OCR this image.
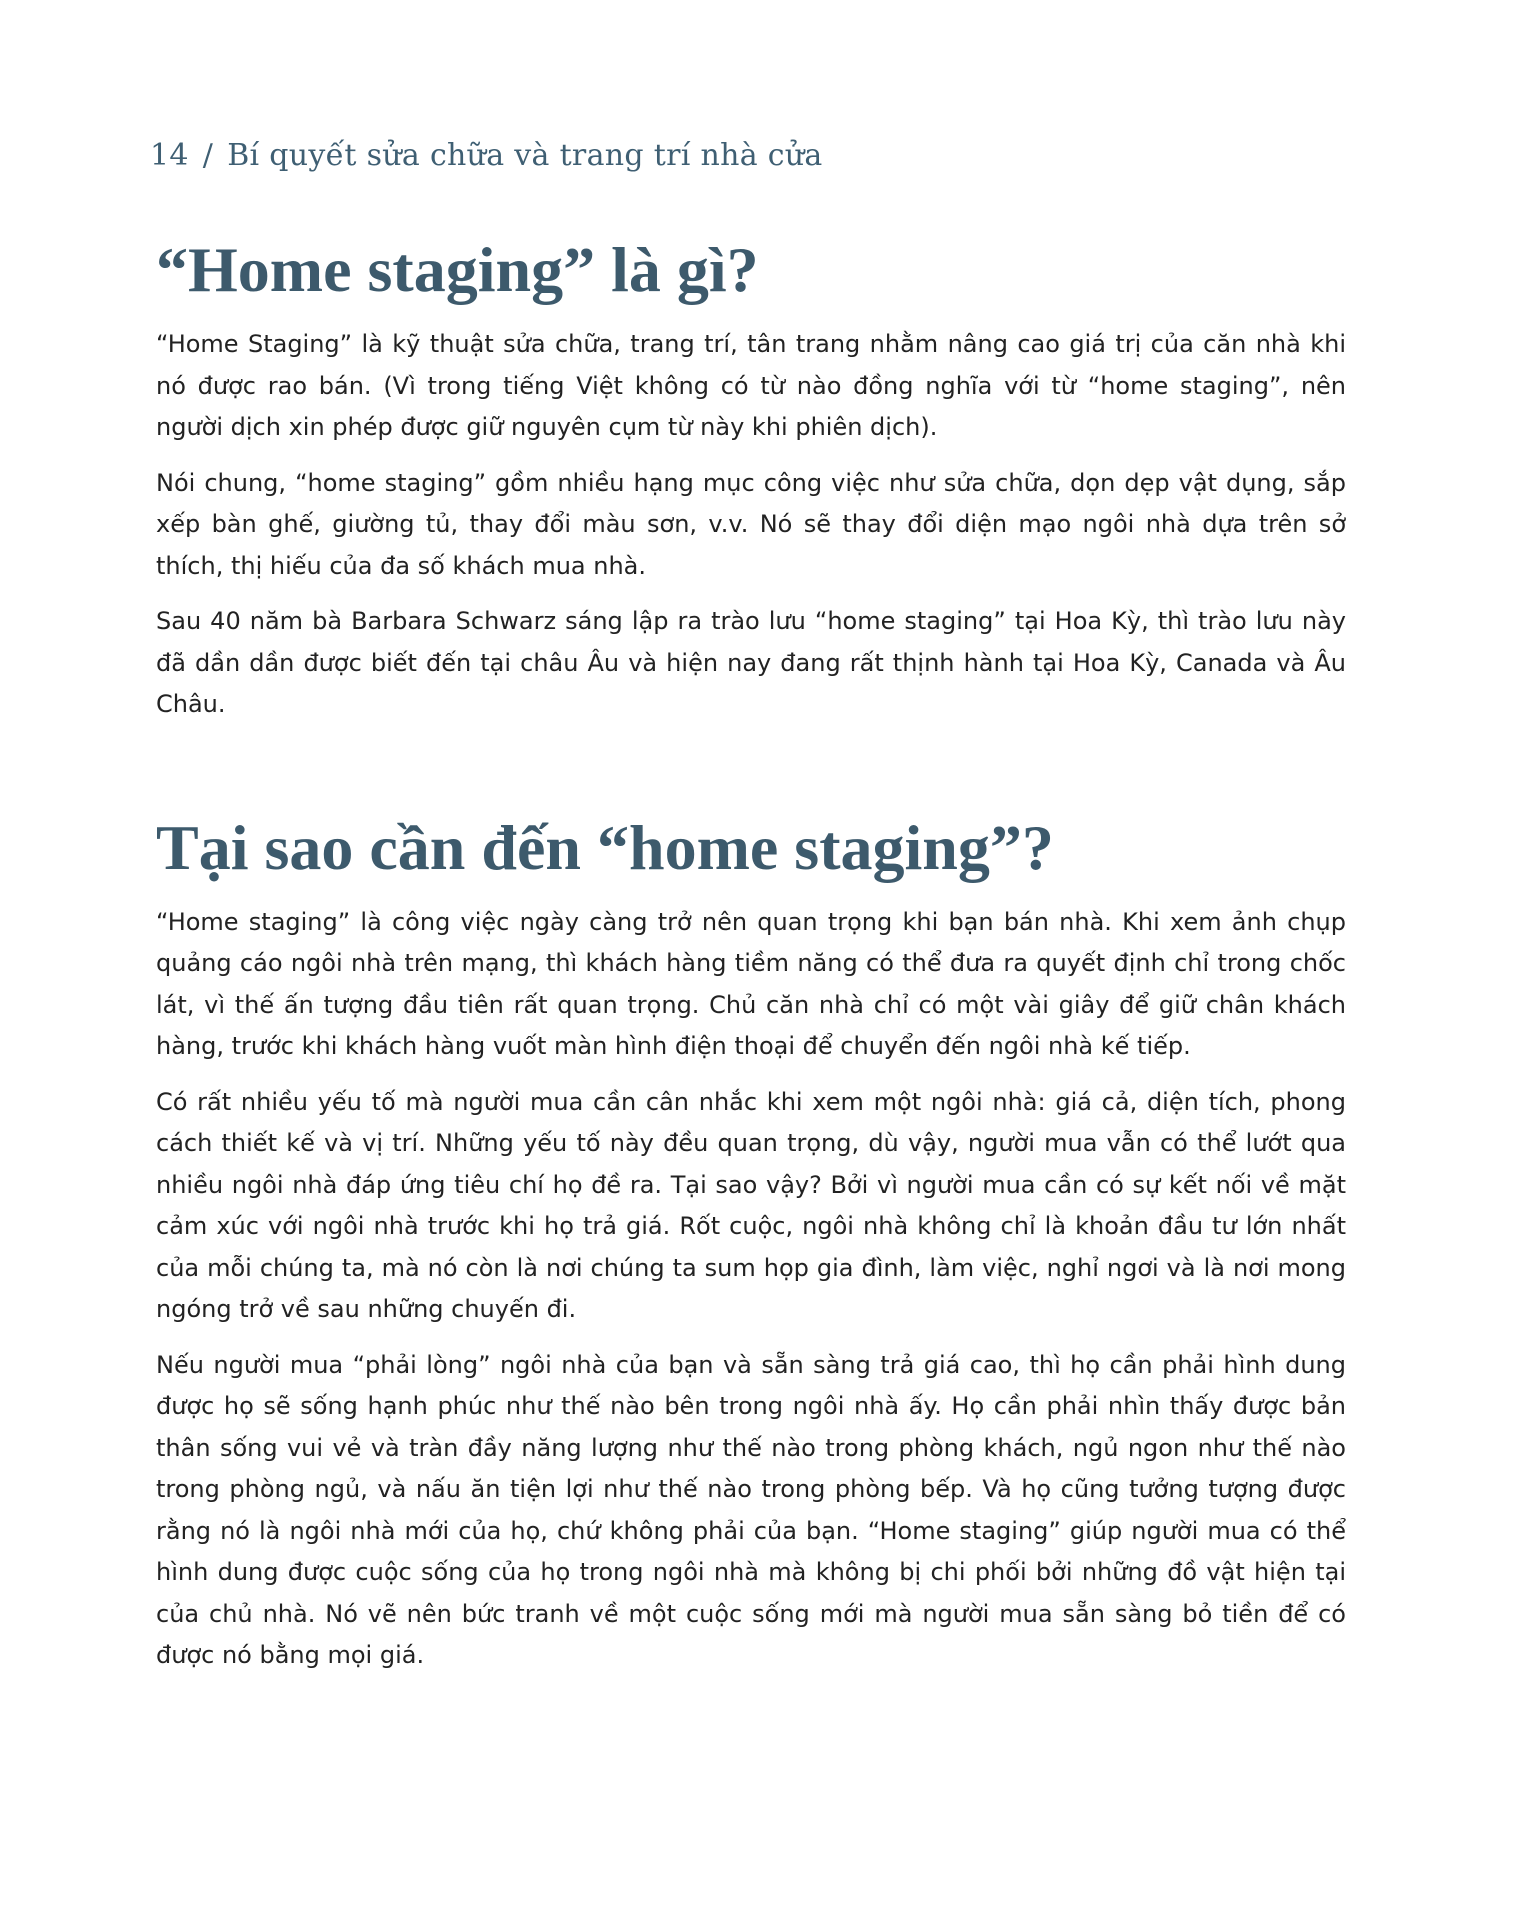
14 / Bí quyết sửa chữa và trang trí nhà cửa
“Home staging” là gì?

“Home Staging” là kỹ thuật sửa chữa, trang trí, tân trang nhằm nâng cao giá trị của căn nhà khi nó được rao bán. (Vì trong tiếng Việt không có từ nào đồng nghĩa với từ “home staging”, nên người dịch xin phép được giữ nguyên cụm từ này khi phiên dịch).

Nói chung, “home staging” gồm nhiều hạng mục công việc như sửa chữa, dọn dẹp vật dụng, sắp xếp bàn ghế, giường tủ, thay đổi màu sơn, v.v. Nó sẽ thay đổi diện mạo ngôi nhà dựa trên sở thích, thị hiếu của đa số khách mua nhà.

Sau 40 năm bà Barbara Schwarz sáng lập ra trào lưu “home staging” tại Hoa Kỳ, thì trào lưu này đã dần dần được biết đến tại châu Âu và hiện nay đang rất thịnh hành tại Hoa Kỳ, Canada và Âu Châu.

Tại sao cần đến “home staging”?

“Home staging” là công việc ngày càng trở nên quan trọng khi bạn bán nhà. Khi xem ảnh chụp quảng cáo ngôi nhà trên mạng, thì khách hàng tiềm năng có thể đưa ra quyết định chỉ trong chốc lát, vì thế ấn tượng đầu tiên rất quan trọng. Chủ căn nhà chỉ có một vài giây để giữ chân khách hàng, trước khi khách hàng vuốt màn hình điện thoại để chuyển đến ngôi nhà kế tiếp.

Có rất nhiều yếu tố mà người mua cần cân nhắc khi xem một ngôi nhà: giá cả, diện tích, phong cách thiết kế và vị trí. Những yếu tố này đều quan trọng, dù vậy, người mua vẫn có thể lướt qua nhiều ngôi nhà đáp ứng tiêu chí họ đề ra. Tại sao vậy? Bởi vì người mua cần có sự kết nối về mặt cảm xúc với ngôi nhà trước khi họ trả giá. Rốt cuộc, ngôi nhà không chỉ là khoản đầu tư lớn nhất của mỗi chúng ta, mà nó còn là nơi chúng ta sum họp gia đình, làm việc, nghỉ ngơi và là nơi mong ngóng trở về sau những chuyến đi.

Nếu người mua “phải lòng” ngôi nhà của bạn và sẵn sàng trả giá cao, thì họ cần phải hình dung được họ sẽ sống hạnh phúc như thế nào bên trong ngôi nhà ấy. Họ cần phải nhìn thấy được bản thân sống vui vẻ và tràn đầy năng lượng như thế nào trong phòng khách, ngủ ngon như thế nào trong phòng ngủ, và nấu ăn tiện lợi như thế nào trong phòng bếp. Và họ cũng tưởng tượng được rằng nó là ngôi nhà mới của họ, chứ không phải của bạn. “Home staging” giúp người mua có thể hình dung được cuộc sống của họ trong ngôi nhà mà không bị chi phối bởi những đồ vật hiện tại của chủ nhà. Nó vẽ nên bức tranh về một cuộc sống mới mà người mua sẵn sàng bỏ tiền để có được nó bằng mọi giá.
